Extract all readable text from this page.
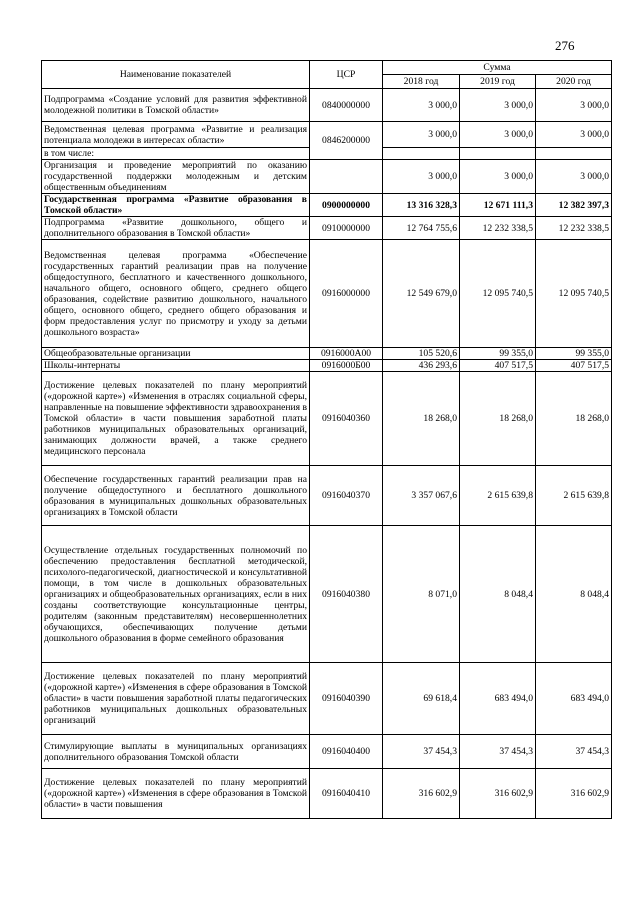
276
Наименование показателей	ЦСР	Сумма		
		2018 год	2019 год	2020 год
Подпрограмма «Создание условий для развития эффективной молодежной политики в Томской области»	0840000000	3 000,0	3 000,0	3 000,0
Ведомственная целевая программа «Развитие и реализация потенциала молодежи в интересах области»	0846200000	3 000,0	3 000,0	3 000,0
в том числе:				
Организация и проведение мероприятий по оказанию государственной поддержки молодежным и детским общественным объединениям		3 000,0	3 000,0	3 000,0
Государственная программа «Развитие образования в Томской области»	0900000000	13 316 328,3	12 671 111,3	12 382 397,3
Подпрограмма «Развитие дошкольного, общего и дополнительного образования в Томской области»	0910000000	12 764 755,6	12 232 338,5	12 232 338,5
Ведомственная целевая программа «Обеспечение государственных гарантий реализации прав на получение общедоступного, бесплатного и качественного дошкольного, начального общего, основного общего, среднего общего образования, содействие развитию дошкольного, начального общего, основного общего, среднего общего образования и форм предоставления услуг по присмотру и уходу за детьми дошкольного возраста»	0916000000	12 549 679,0	12 095 740,5	12 095 740,5
Общеобразовательные организации	0916000А00	105 520,6	99 355,0	99 355,0
Школы-интернаты	0916000Б00	436 293,6	407 517,5	407 517,5
Достижение целевых показателей по плану мероприятий («дорожной карте») «Изменения в отраслях социальной сферы, направленные на повышение эффективности здравоохранения в Томской области» в части повышения заработной платы работников муниципальных образовательных организаций, занимающих должности врачей, а также среднего медицинского персонала	0916040360	18 268,0	18 268,0	18 268,0
Обеспечение государственных гарантий реализации прав на получение общедоступного и бесплатного дошкольного образования в муниципальных дошкольных образовательных организациях в Томской области	0916040370	3 357 067,6	2 615 639,8	2 615 639,8
Осуществление отдельных государственных полномочий по обеспечению предоставления бесплатной методической, психолого-педагогической, диагностической и консультативной помощи, в том числе в дошкольных образовательных организациях и общеобразовательных организациях, если в них созданы соответствующие консультационные центры, родителям (законным представителям) несовершеннолетних обучающихся, обеспечивающих получение детьми дошкольного образования в форме семейного образования	0916040380	8 071,0	8 048,4	8 048,4
Достижение целевых показателей по плану мероприятий («дорожной карте») «Изменения в сфере образования в Томской области» в части повышения заработной платы педагогических работников муниципальных дошкольных образовательных организаций	0916040390	69 618,4	683 494,0	683 494,0
Стимулирующие выплаты в муниципальных организациях дополнительного образования Томской области	0916040400	37 454,3	37 454,3	37 454,3
Достижение целевых показателей по плану мероприятий («дорожной карте») «Изменения в сфере образования в Томской области» в части повышения	0916040410	316 602,9	316 602,9	316 602,9
